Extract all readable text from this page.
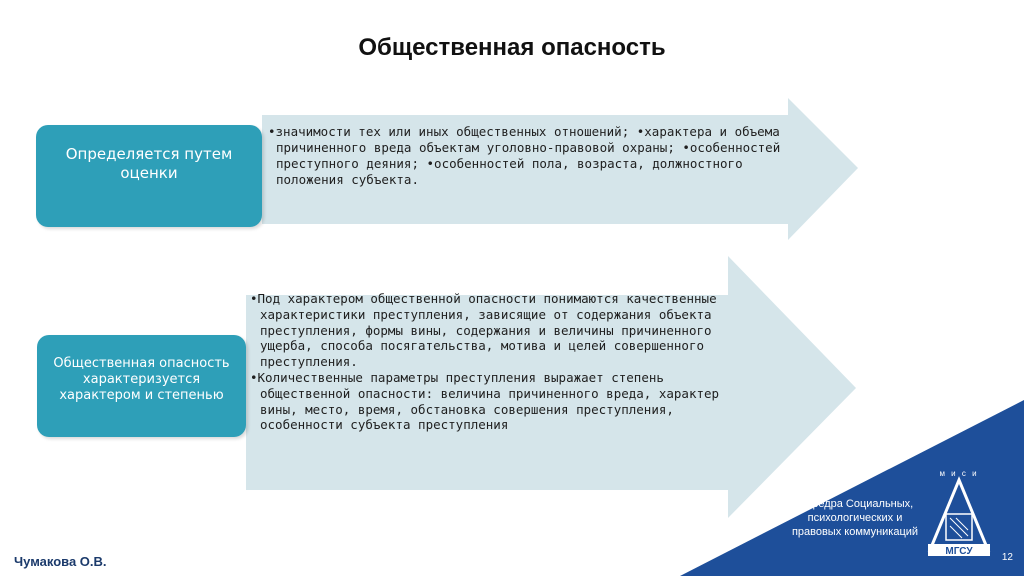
Общественная опасность
Определяется путем оценки
•значимости тех или иных общественных отношений; •характера и объема причиненного вреда объектам уголовно-правовой охраны; •особенностей преступного деяния; •особенностей пола, возраста, должностного положения субъекта.
Общественная опасность характеризуется характером и степенью
•Под характером общественной опасности понимаются качественные характеристики преступления, зависящие от содержания объекта преступления, формы вины, содержания и величины причиненного ущерба, способа посягательства, мотива и целей совершенного преступления.
•Количественные параметры преступления выражает степень общественной опасности: величина причиненного вреда, характер вины, место, время, обстановка совершения преступления, особенности субъекта преступления
Кафедра Социальных, психологических и правовых коммуникаций
м и с и
МГСУ
12
Чумакова О.В.
